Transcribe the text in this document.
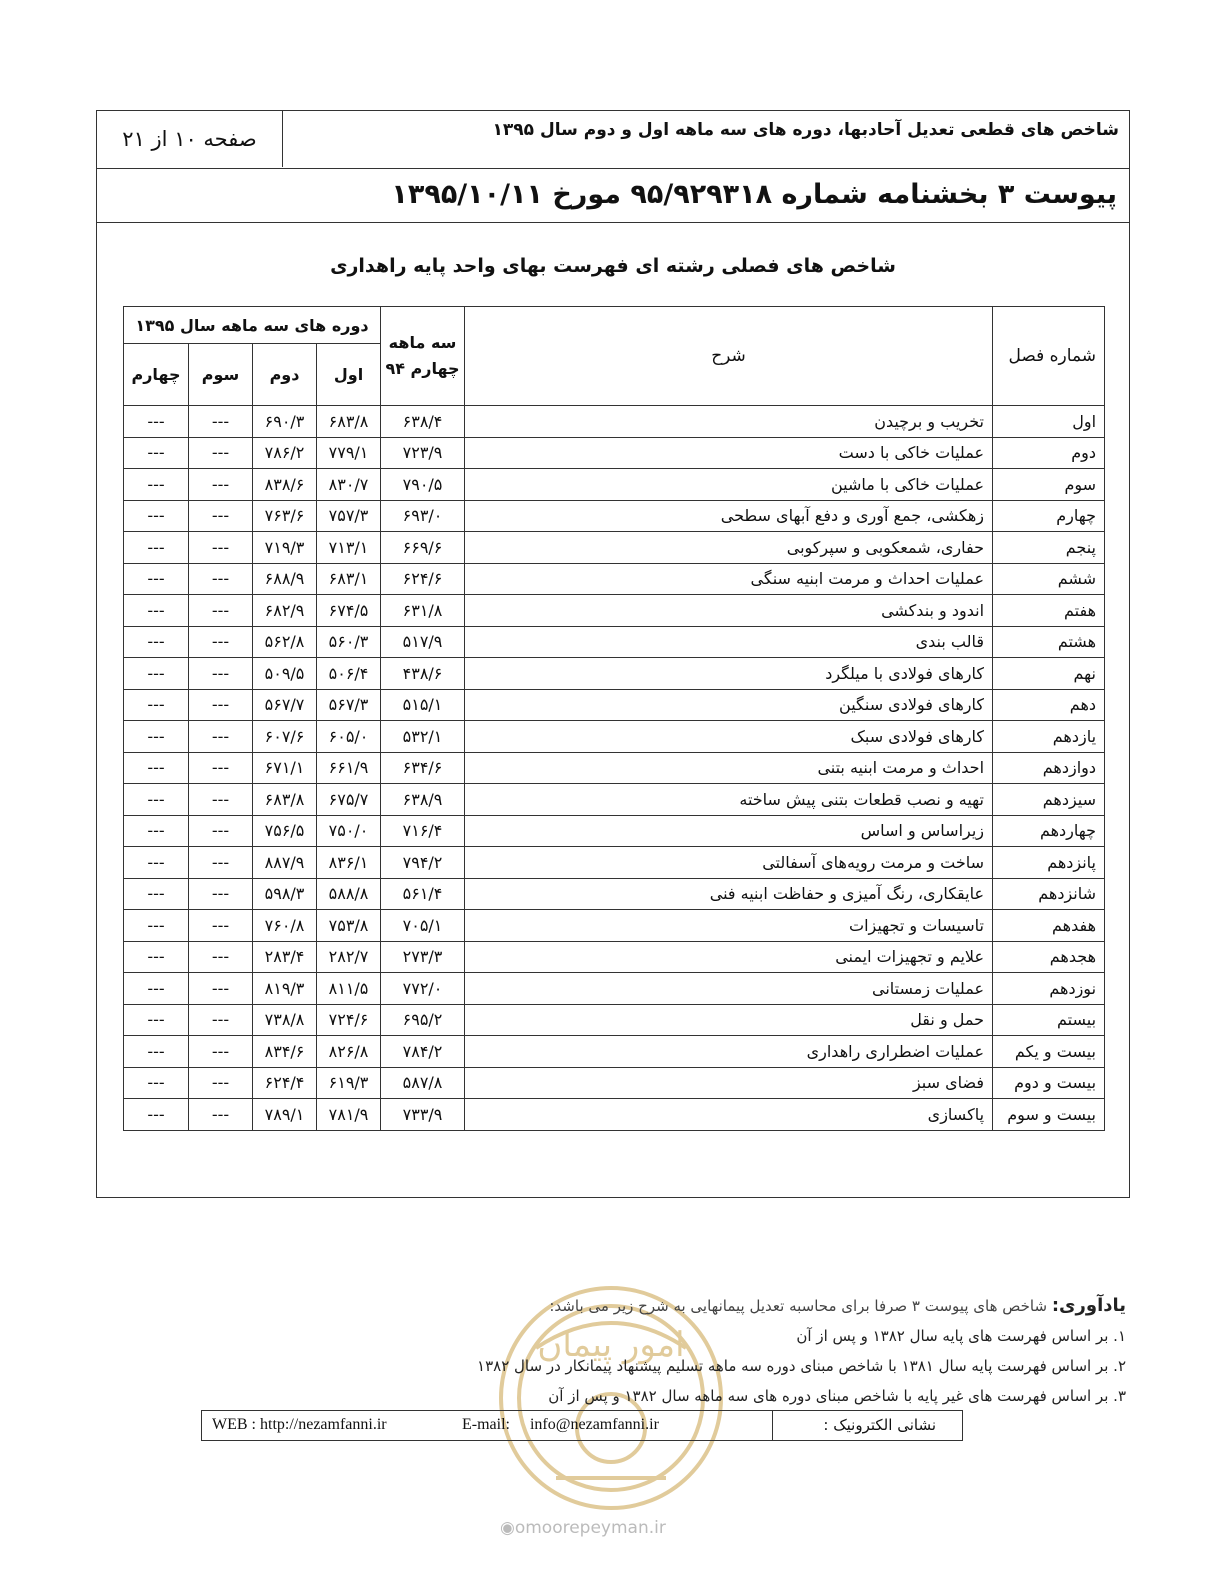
صفحه ۱۰ از ۲۱	شاخص های قطعی تعدیل آحادبها، دوره های سه ماهه اول و دوم سال ۱۳۹۵
پیوست ۳ بخشنامه شماره ۹۵/۹۲۹۳۱۸ مورخ ۱۳۹۵/۱۰/۱۱
شاخص های فصلی رشته ای فهرست بهای واحد پایه راهداری
شماره فصل	شرح	سه ماهه
چهارم ۹۴	دوره های سه ماهه سال ۱۳۹۵			
			اول	دوم	سوم	چهارم
اول	تخریب و برچیدن	۶۳۸/۴	۶۸۳/۸	۶۹۰/۳	---	---
دوم	عملیات خاکی با دست	۷۲۳/۹	۷۷۹/۱	۷۸۶/۲	---	---
سوم	عملیات خاکی با ماشین	۷۹۰/۵	۸۳۰/۷	۸۳۸/۶	---	---
چهارم	زهکشی، جمع آوری و دفع آبهای سطحی	۶۹۳/۰	۷۵۷/۳	۷۶۳/۶	---	---
پنجم	حفاری، شمعکوبی و سپرکوبی	۶۶۹/۶	۷۱۳/۱	۷۱۹/۳	---	---
ششم	عملیات احداث و مرمت ابنیه سنگی	۶۲۴/۶	۶۸۳/۱	۶۸۸/۹	---	---
هفتم	اندود و بندکشی	۶۳۱/۸	۶۷۴/۵	۶۸۲/۹	---	---
هشتم	قالب بندی	۵۱۷/۹	۵۶۰/۳	۵۶۲/۸	---	---
نهم	کارهای فولادی با میلگرد	۴۳۸/۶	۵۰۶/۴	۵۰۹/۵	---	---
دهم	کارهای فولادی سنگین	۵۱۵/۱	۵۶۷/۳	۵۶۷/۷	---	---
یازدهم	کارهای فولادی سبک	۵۳۲/۱	۶۰۵/۰	۶۰۷/۶	---	---
دوازدهم	احداث و مرمت ابنیه بتنی	۶۳۴/۶	۶۶۱/۹	۶۷۱/۱	---	---
سیزدهم	تهیه و نصب قطعات بتنی پیش ساخته	۶۳۸/۹	۶۷۵/۷	۶۸۳/۸	---	---
چهاردهم	زیراساس و اساس	۷۱۶/۴	۷۵۰/۰	۷۵۶/۵	---	---
پانزدهم	ساخت و مرمت رویه‌های آسفالتی	۷۹۴/۲	۸۳۶/۱	۸۸۷/۹	---	---
شانزدهم	عایقکاری، رنگ آمیزی و حفاظت ابنیه فنی	۵۶۱/۴	۵۸۸/۸	۵۹۸/۳	---	---
هفدهم	تاسیسات و تجهیزات	۷۰۵/۱	۷۵۳/۸	۷۶۰/۸	---	---
هجدهم	علایم و تجهیزات ایمنی	۲۷۳/۳	۲۸۲/۷	۲۸۳/۴	---	---
نوزدهم	عملیات زمستانی	۷۷۲/۰	۸۱۱/۵	۸۱۹/۳	---	---
بیستم	حمل و نقل	۶۹۵/۲	۷۲۴/۶	۷۳۸/۸	---	---
بیست و یکم	عملیات اضطراری راهداری	۷۸۴/۲	۸۲۶/۸	۸۳۴/۶	---	---
بیست و دوم	فضای سبز	۵۸۷/۸	۶۱۹/۳	۶۲۴/۴	---	---
بیست و سوم	پاکسازی	۷۳۳/۹	۷۸۱/۹	۷۸۹/۱	---	---
امور پیمان
یادآوری: شاخص های پیوست ۳ صرفا برای محاسبه تعدیل پیمانهایی به شرح زیر می باشد:
۱. بر اساس فهرست های پایه سال ۱۳۸۲ و پس از آن
۲. بر اساس فهرست پایه سال ۱۳۸۱ با شاخص مبنای دوره سه ماهه تسلیم پیشنهاد پیمانکار در سال ۱۳۸۲
۳. بر اساس فهرست های غیر پایه با شاخص مبنای دوره های سه ماهه سال ۱۳۸۲ و پس از آن
نشانی الکترونیک :
WEB : http://nezamfanni.ir	E-mail: info@nezamfanni.ir
◉omoorepeyman.ir
